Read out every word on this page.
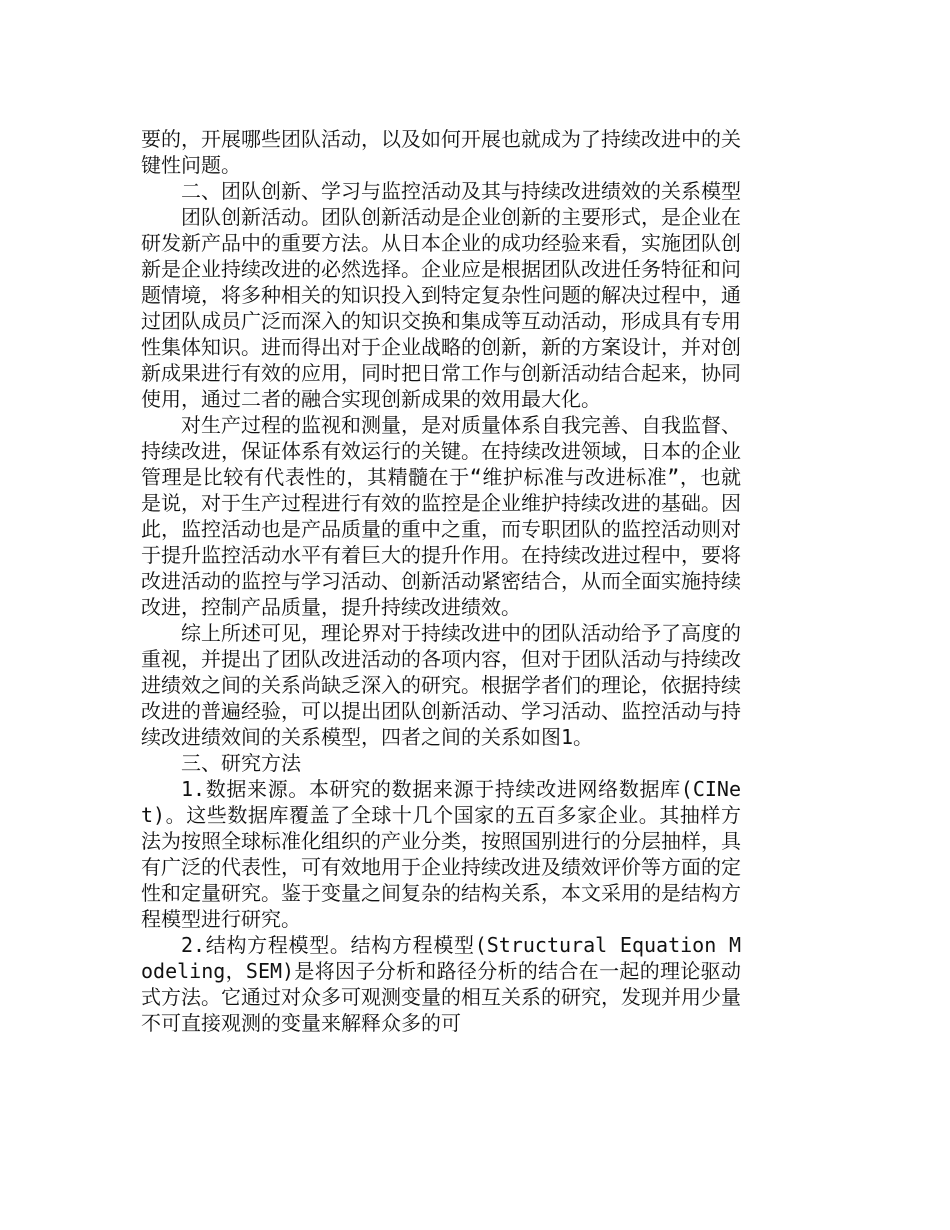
要的，开展哪些团队活动，以及如何开展也就成为了持续改进中的关键性问题。

二、团队创新、学习与监控活动及其与持续改进绩效的关系模型

团队创新活动。团队创新活动是企业创新的主要形式，是企业在研发新产品中的重要方法。从日本企业的成功经验来看，实施团队创新是企业持续改进的必然选择。企业应是根据团队改进任务特征和问题情境，将多种相关的知识投入到特定复杂性问题的解决过程中，通过团队成员广泛而深入的知识交换和集成等互动活动，形成具有专用性集体知识。进而得出对于企业战略的创新，新的方案设计，并对创新成果进行有效的应用，同时把日常工作与创新活动结合起来，协同使用，通过二者的融合实现创新成果的效用最大化。

对生产过程的监视和测量，是对质量体系自我完善、自我监督、持续改进，保证体系有效运行的关键。在持续改进领域，日本的企业管理是比较有代表性的，其精髓在于“维护标准与改进标准”，也就是说，对于生产过程进行有效的监控是企业维护持续改进的基础。因此，监控活动也是产品质量的重中之重，而专职团队的监控活动则对于提升监控活动水平有着巨大的提升作用。在持续改进过程中，要将改进活动的监控与学习活动、创新活动紧密结合，从而全面实施持续改进，控制产品质量，提升持续改进绩效。

综上所述可见，理论界对于持续改进中的团队活动给予了高度的重视，并提出了团队改进活动的各项内容，但对于团队活动与持续改进绩效之间的关系尚缺乏深入的研究。根据学者们的理论，依据持续改进的普遍经验，可以提出团队创新活动、学习活动、监控活动与持续改进绩效间的关系模型，四者之间的关系如图1。

三、研究方法

1.数据来源。本研究的数据来源于持续改进网络数据库(CINet)。这些数据库覆盖了全球十几个国家的五百多家企业。其抽样方法为按照全球标准化组织的产业分类，按照国别进行的分层抽样，具有广泛的代表性，可有效地用于企业持续改进及绩效评价等方面的定性和定量研究。鉴于变量之间复杂的结构关系，本文采用的是结构方程模型进行研究。

2.结构方程模型。结构方程模型(Structural Equation Modeling，SEM)是将因子分析和路径分析的结合在一起的理论驱动式方法。它通过对众多可观测变量的相互关系的研究，发现并用少量不可直接观测的变量来解释众多的可
